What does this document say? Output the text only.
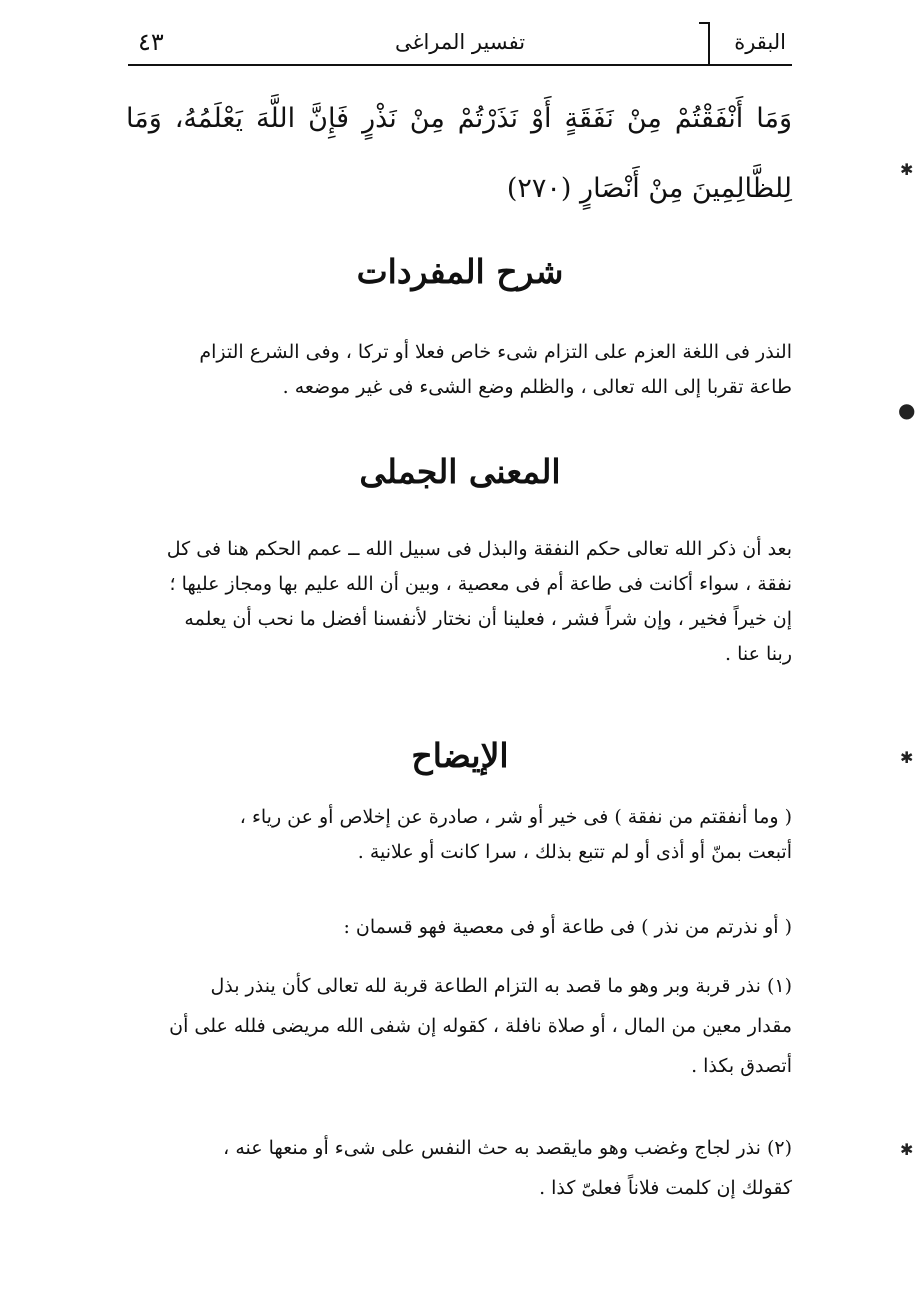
البقرة
تفسير المراغى
٤٣
وَمَا أَنْفَقْتُمْ مِنْ نَفَقَةٍ أَوْ نَذَرْتُمْ مِنْ نَذْرٍ فَإِنَّ اللَّهَ يَعْلَمُهُ، وَمَا لِلظَّالِمِينَ مِنْ أَنْصَارٍ (٢٧٠)
شرح المفردات
النذر فى اللغة العزم على التزام شىء خاص فعلا أو تركا ، وفى الشرع التزام
طاعة تقربا إلى الله تعالى ، والظلم وضع الشىء فى غير موضعه .
المعنى الجملى
بعد أن ذكر الله تعالى حكم النفقة والبذل فى سبيل الله ــ عمم الحكم هنا فى كل
نفقة ، سواء أكانت فى طاعة أم فى معصية ، وبين أن الله عليم بها ومجاز عليها ؛
إن خيراً فخير ، وإن شراً فشر ، فعلينا أن نختار لأنفسنا أفضل ما نحب أن يعلمه
ربنا عنا .
الإيضاح
( وما أنفقتم من نفقة ) فى خير أو شر ، صادرة عن إخلاص أو عن رياء ،
أتبعت بمنّ أو أذى أو لم تتبع بذلك ، سرا كانت أو علانية .
( أو نذرتم من نذر ) فى طاعة أو فى معصية فهو قسمان :
(١) نذر قربة وبر وهو ما قصد به التزام الطاعة قربة لله تعالى كأن ينذر بذل
مقدار معين من المال ، أو صلاة نافلة ، كقوله إن شفى الله مريضى فلله على أن
أتصدق بكذا .
(٢) نذر لجاج وغضب وهو مايقصد به حث النفس على شىء أو منعها عنه ،
كقولك إن كلمت فلاناً فعلىّ كذا .
✱
●
✱
✱
